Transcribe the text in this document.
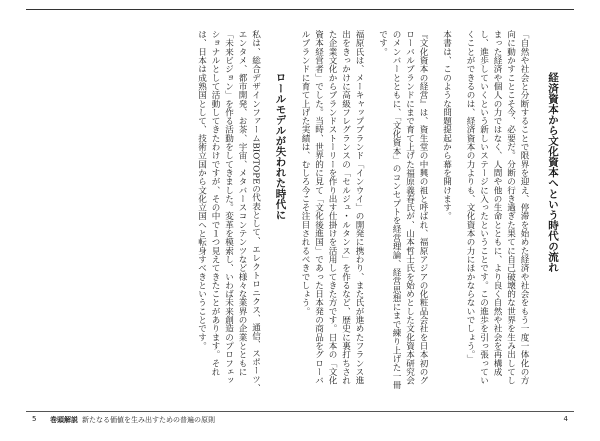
経済資本から文化資本へという時代の流れ

「自然や社会と分断することで限界を迎え、停滞を始めた経済や社会をもう一度一体化の方向に動かすことこそ今、必要だ。分断の行き過ぎた果てに自己破壊的な世界を生み出してしまった経済や個人の力ではなく、人間や他の生命とともに、より良く自然や社会を再構成し、進歩していくという新しいステージに入ったということです。この進歩を引っ張っていくことができるのは、経済資本の力よりも、文化資本の力にほかならないでしょう。」

本書は、このような問題提起から幕を開けます。

『文化資本の経営』は、資生堂の中興の祖と呼ばれ、福原アジアの化粧品会社を日本初のグローバルブランドにまで育て上げた福原義春氏が、山本哲士氏を始めとした文化資本研究会のメンバーとともに、「文化資本」のコンセプトを経営理論、経営思想にまで練り上げた一冊です。

福原氏は、メーキャップブランド「インウイ」の開発に携わり、また氏が進めたフランス進出をきっかけに高級フレグランスの「セルジュ・ルタンス」を作るなど、歴史に裏打ちされた企業文化からブランドストーリーを作り出す仕掛けを活用してきた方です。日本の「文化資本経営者」でした。当時、世界的に見て「文化後進国」であった日本発の商品をグローバルブランドに育て上げた実績は、むしろ今こそ注目されるべきでしょう。

ロールモデルが失われた時代に

私は、総合デザインファームBIOTOPEの代表として、エレクトロニクス、通信、スポーツ、エンタメ、都市開発、お茶、宇宙、メタバースコンテンツなど様々な業界の企業とともに「未来ビジョン」を作る活動をしてきました。変革を模索し、いわば未来創造のプロフェッショナルとして活動してきたわけですが、その中で１つ見えてきたことがあります。それは、日本は成熟国として、技術立国から文化立国へと転身すべきということです。

5 巻頭解説 新たなる価値を生み出すための普遍の原則	4
